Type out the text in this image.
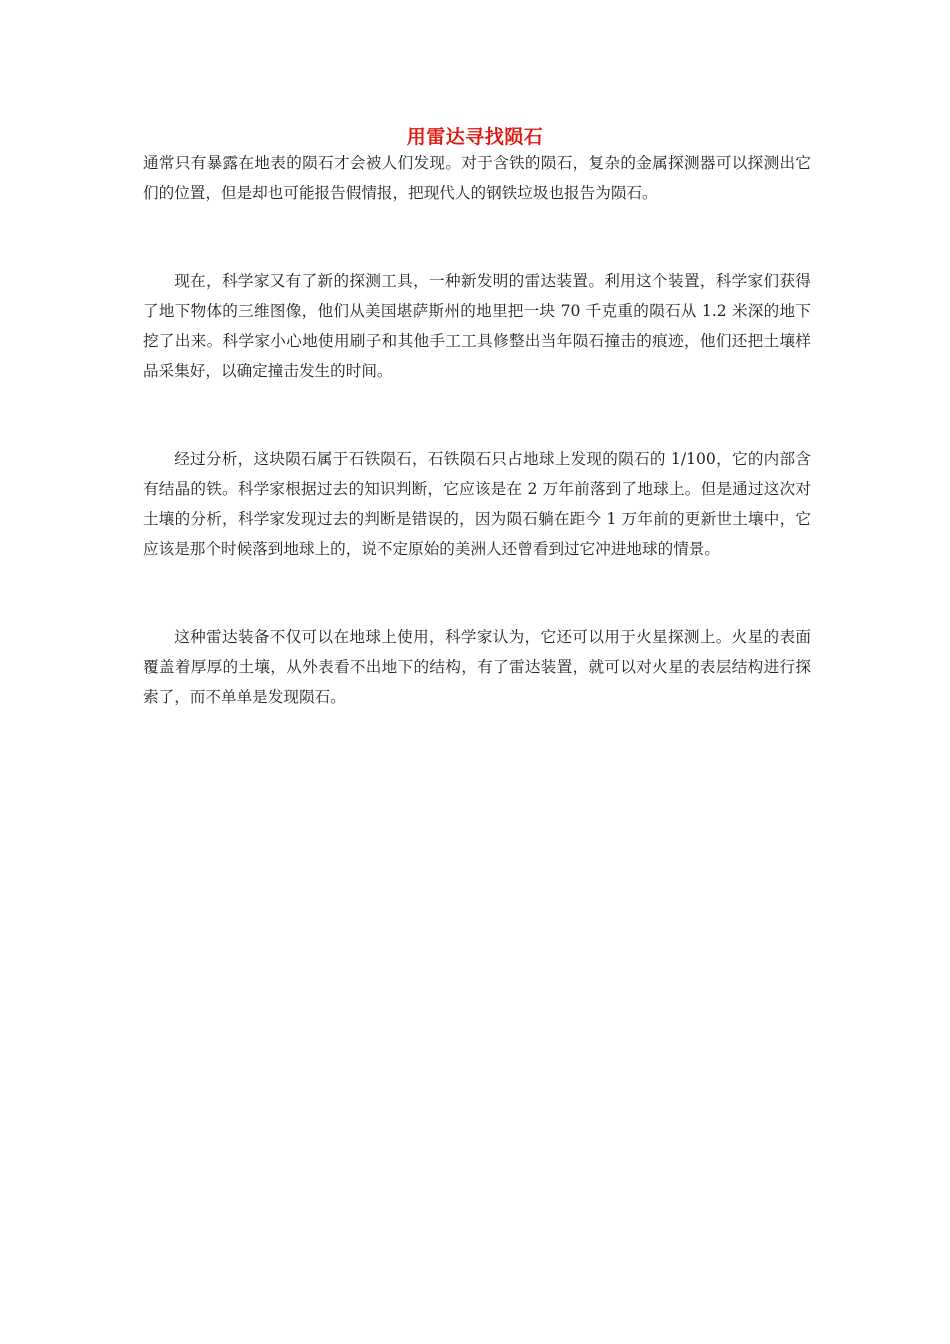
用雷达寻找陨石

通常只有暴露在地表的陨石才会被人们发现。对于含铁的陨石，复杂的金属探测器可以探测出它们的位置，但是却也可能报告假情报，把现代人的钢铁垃圾也报告为陨石。

现在，科学家又有了新的探测工具，一种新发明的雷达装置。利用这个装置，科学家们获得了地下物体的三维图像，他们从美国堪萨斯州的地里把一块 70 千克重的陨石从 1.2 米深的地下挖了出来。科学家小心地使用刷子和其他手工工具修整出当年陨石撞击的痕迹，他们还把土壤样品采集好，以确定撞击发生的时间。

经过分析，这块陨石属于石铁陨石，石铁陨石只占地球上发现的陨石的 1/100，它的内部含有结晶的铁。科学家根据过去的知识判断，它应该是在 2 万年前落到了地球上。但是通过这次对土壤的分析，科学家发现过去的判断是错误的，因为陨石躺在距今 1 万年前的更新世土壤中，它应该是那个时候落到地球上的，说不定原始的美洲人还曾看到过它冲进地球的情景。

这种雷达装备不仅可以在地球上使用，科学家认为，它还可以用于火星探测上。火星的表面覆盖着厚厚的土壤，从外表看不出地下的结构，有了雷达装置，就可以对火星的表层结构进行探索了，而不单单是发现陨石。
